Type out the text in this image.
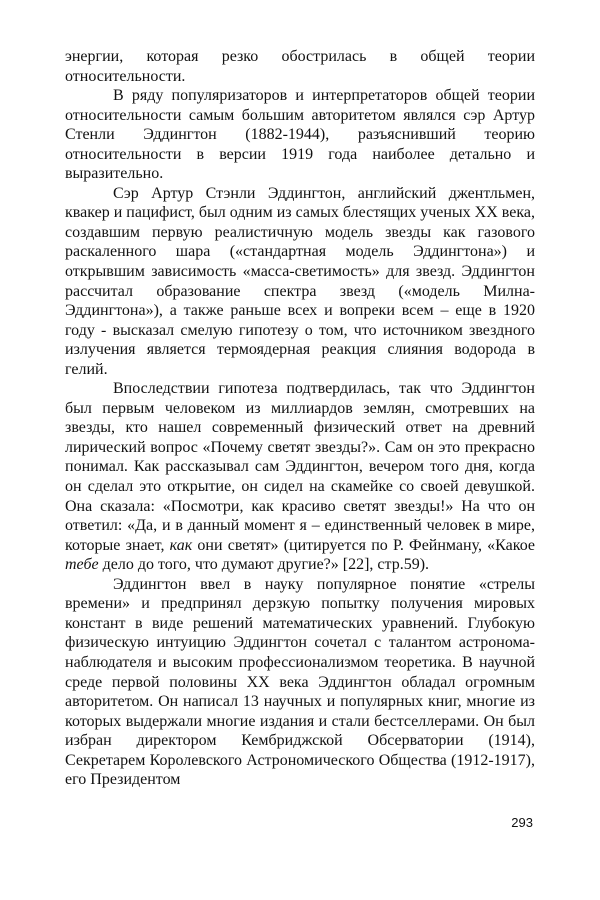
энергии, которая резко обострилась в общей теории относительности.

В ряду популяризаторов и интерпретаторов общей теории относительности самым большим авторитетом являлся сэр Артур Стенли Эддингтон (1882-1944), разъяснивший теорию относительности в версии 1919 года наиболее детально и выразительно.

Сэр Артур Стэнли Эддингтон, английский джентльмен, квакер и пацифист, был одним из самых блестящих ученых XX века, создавшим первую реалистичную модель звезды как газового раскаленного шара («стандартная модель Эддингтона») и открывшим зависимость «масса-светимость» для звезд. Эддингтон рассчитал образование спектра звезд («модель Милна-Эддингтона»), а также раньше всех и вопреки всем – еще в 1920 году - высказал смелую гипотезу о том, что источником звездного излучения является термоядерная реакция слияния водорода в гелий.

Впоследствии гипотеза подтвердилась, так что Эддингтон был первым человеком из миллиардов землян, смотревших на звезды, кто нашел современный физический ответ на древний лирический вопрос «Почему светят звезды?». Сам он это прекрасно понимал. Как рассказывал сам Эддингтон, вечером того дня, когда он сделал это открытие, он сидел на скамейке со своей девушкой. Она сказала: «Посмотри, как красиво светят звезды!» На что он ответил: «Да, и в данный момент я – единственный человек в мире, которые знает, как они светят» (цитируется по Р. Фейнману, «Какое тебе дело до того, что думают другие?» [22], стр.59).

Эддингтон ввел в науку популярное понятие «стрелы времени» и предпринял дерзкую попытку получения мировых констант в виде решений математических уравнений. Глубокую физическую интуицию Эддингтон сочетал с талантом астронома-наблюдателя и высоким профессионализмом теоретика. В научной среде первой половины XX века Эддингтон обладал огромным авторитетом. Он написал 13 научных и популярных книг, многие из которых выдержали многие издания и стали бестселлерами. Он был избран директором Кембриджской Обсерватории (1914), Секретарем Королевского Астрономического Общества (1912-1917), его Президентом

293
